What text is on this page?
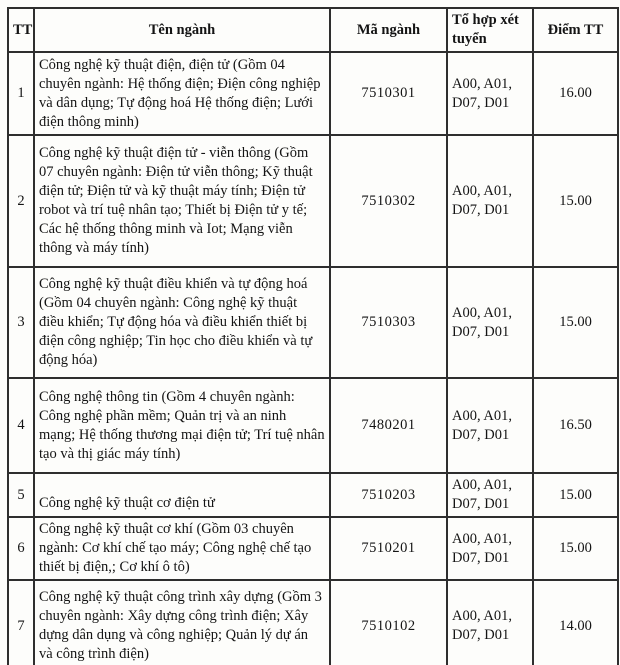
TT	Tên ngành	Mã ngành	Tổ hợp xét tuyển	Điểm TT
1	Công nghệ kỹ thuật điện, điện tử (Gồm 04 chuyên ngành: Hệ thống điện; Điện công nghiệp và dân dụng; Tự động hoá Hệ thống điện; Lưới điện thông minh)	7510301	A00, A01, D07, D01	16.00
2	Công nghệ kỹ thuật điện tử - viễn thông (Gồm 07 chuyên ngành: Điện tử viễn thông; Kỹ thuật điện tử; Điện tử và kỹ thuật máy tính; Điện tử robot và trí tuệ nhân tạo; Thiết bị Điện tử y tế; Các hệ thống thông minh và Iot; Mạng viễn thông và máy tính)	7510302	A00, A01, D07, D01	15.00
3	Công nghệ kỹ thuật điều khiển và tự động hoá (Gồm 04 chuyên ngành: Công nghệ kỹ thuật điều khiển; Tự động hóa và điều khiển thiết bị điện công nghiệp; Tin học cho điều khiển và tự động hóa)	7510303	A00, A01, D07, D01	15.00
4	Công nghệ thông tin (Gồm 4 chuyên ngành: Công nghệ phần mềm; Quản trị và an ninh mạng; Hệ thống thương mại điện tử; Trí tuệ nhân tạo và thị giác máy tính)	7480201	A00, A01, D07, D01	16.50
5	Công nghệ kỹ thuật cơ điện tử	7510203	A00, A01, D07, D01	15.00
6	Công nghệ kỹ thuật cơ khí (Gồm 03 chuyên ngành: Cơ khí chế tạo máy; Công nghệ chế tạo thiết bị điện,; Cơ khí ô tô)	7510201	A00, A01, D07, D01	15.00
7	Công nghệ kỹ thuật công trình xây dựng (Gồm 3 chuyên ngành: Xây dựng công trình điện; Xây dựng dân dụng và công nghiệp; Quản lý dự án và công trình điện)	7510102	A00, A01, D07, D01	14.00
